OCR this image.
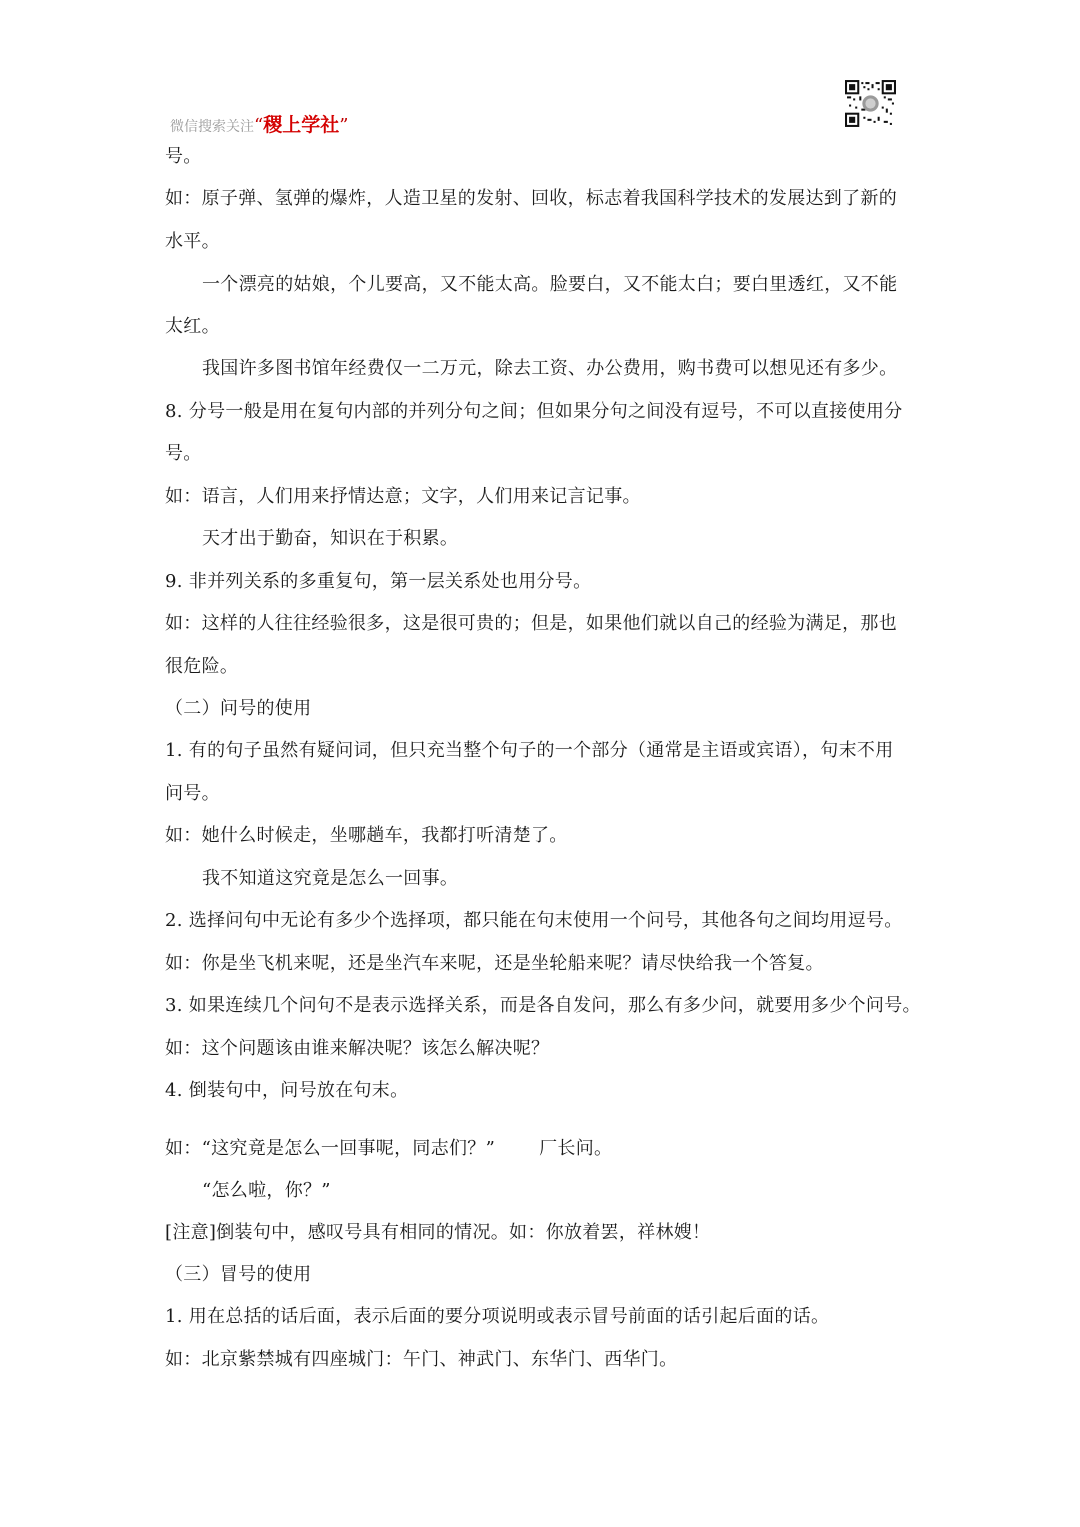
微信搜索关注“稷上学社”
号。
如：原子弹、氢弹的爆炸，人造卫星的发射、回收，标志着我国科学技术的发展达到了新的
水平。
一个漂亮的姑娘，个儿要高，又不能太高。脸要白，又不能太白；要白里透红，又不能
太红。
我国许多图书馆年经费仅一二万元，除去工资、办公费用，购书费可以想见还有多少。
8. 分号一般是用在复句内部的并列分句之间；但如果分句之间没有逗号，不可以直接使用分
号。
如：语言，人们用来抒情达意；文字，人们用来记言记事。
天才出于勤奋，知识在于积累。
9. 非并列关系的多重复句，第一层关系处也用分号。
如：这样的人往往经验很多，这是很可贵的；但是，如果他们就以自己的经验为满足，那也
很危险。
（二）问号的使用
1. 有的句子虽然有疑问词，但只充当整个句子的一个部分（通常是主语或宾语），句末不用
问号。
如：她什么时候走，坐哪趟车，我都打听清楚了。
我不知道这究竟是怎么一回事。
2. 选择问句中无论有多少个选择项，都只能在句末使用一个问号，其他各句之间均用逗号。
如：你是坐飞机来呢，还是坐汽车来呢，还是坐轮船来呢？请尽快给我一个答复。
3. 如果连续几个问句不是表示选择关系，而是各自发问，那么有多少问，就要用多少个问号。
如：这个问题该由谁来解决呢？该怎么解决呢？
4. 倒装句中，问号放在句末。
如：“这究竟是怎么一回事呢，同志们？” 厂长问。
“怎么啦，你？”
[注意]倒装句中，感叹号具有相同的情况。如：你放着罢，祥林嫂！
（三）冒号的使用
1. 用在总括的话后面，表示后面的要分项说明或表示冒号前面的话引起后面的话。
如：北京紫禁城有四座城门：午门、神武门、东华门、西华门。
